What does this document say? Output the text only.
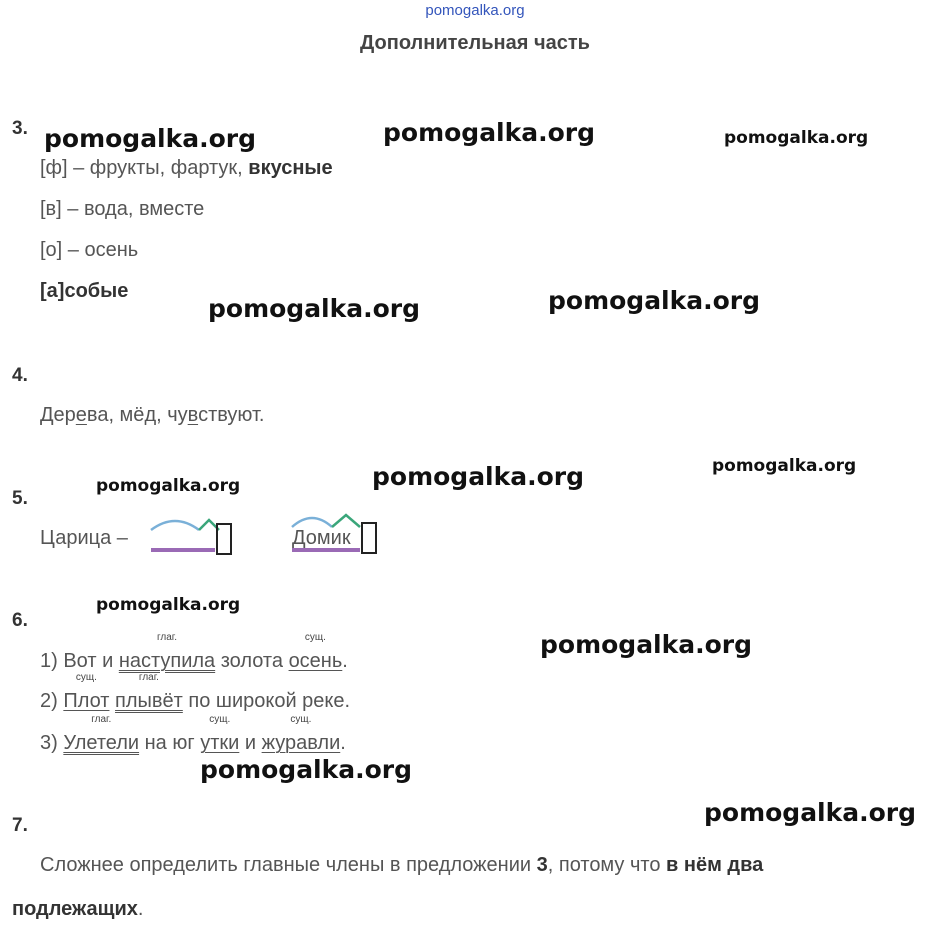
pomogalka.org
Дополнительная часть
3.
[ф] – фрукты, фартук, вкусные
[в] – вода, вместе
[о] – осень
[а]собые
4.
Дерева, мёд, чувствуют.
5.
Царица –	Домик
6.
1) Вот и
глаг.
наступила золота
сущ.
осень.
2)
сущ.
Плот
глаг.
плывёт по широкой реке.
3)
глаг.
Улетели на юг
сущ.
утки и
сущ.
журавли.
7.
Сложнее определить главные члены в предложении 3, потому что в нём два
подлежащих.
pomogalka.org	pomogalka.org	pomogalka.org
pomogalka.org	pomogalka.org
pomogalka.org	pomogalka.org	pomogalka.org
pomogalka.org
pomogalka.org
pomogalka.org
pomogalka.org
